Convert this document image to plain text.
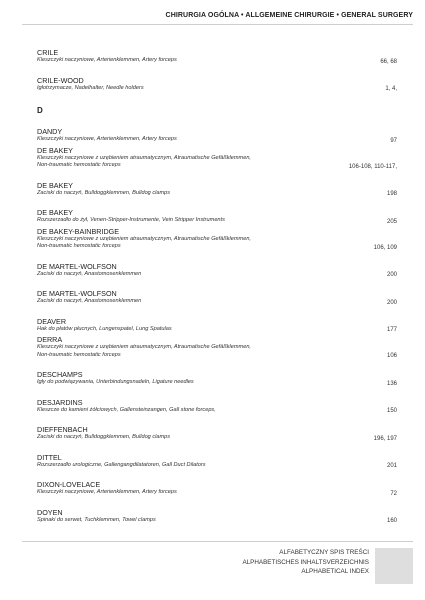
CHIRURGIA OGÓLNA • ALLGEMEINE CHIRURGIE • GENERAL SURGERY
CRILE
Kleszczyki naczyniowe, Arterienklemmen, Artery forceps	66, 68
CRILE-WOOD
Igłotrzymacze, Nadelhalter, Needle holders	1, 4,
D
DANDY
Kleszczyki naczyniowe, Arterienklemmen, Artery forceps	97
DE BAKEY
Kleszczyki naczyniowe z uzębieniem atraumatycznym, Atraumatische Gefäßklemmen,
Non-traumatic hemostatic forceps	106-108, 110-117,
DE BAKEY
Zaciski do naczyń, Bulldoggklemmen, Bulldog clamps	198
DE BAKEY
Rozszerzadło do żył, Venen-Stripper-Instrumente, Vein Stripper Instruments	205
DE BAKEY-BAINBRIDGE
Kleszczyki naczyniowe z uzębieniem atraumatycznym, Atraumatische Gefäßklemmen,
Non-traumatic hemostatic forceps	106, 109
DE MARTEL-WOLFSON
Zaciski do naczyń, Anastomosenklemmen	200
DE MARTEL-WOLFSON
Zaciski do naczyń, Anastomosenklemmen	200
DEAVER
Hak do płatów płucnych, Lungenspatel, Lung Spatulas	177
DERRA
Kleszczyki naczyniowe z uzębieniem atraumatycznym, Atraumatische Gefäßklemmen,
Non-traumatic hemostatic forceps	106
DESCHAMPS
Igły do podwiązywania, Unterbindungsnadeln, Ligature needles	136
DESJARDINS
Kleszcze do kamieni żółciowych, Gallensteinzangen, Gall stone forceps,	150
DIEFFENBACH
Zaciski do naczyń, Bulldoggklemmen, Bulldog clamps	196, 197
DITTEL
Rozszerzadło urologiczne, Gallengangdilatatoren, Gall Duct Dilators	201
DIXON-LOVELACE
Kleszczyki naczyniowe, Arterienklemmen, Artery forceps	72
DOYEN
Spinaki do serwet, Tuchklemmen, Towel clamps	160
ALFABETYCZNY SPIS TREŚCI
ALPHABETISCHES INHALTSVERZEICHNIS
ALPHABETICAL INDEX
